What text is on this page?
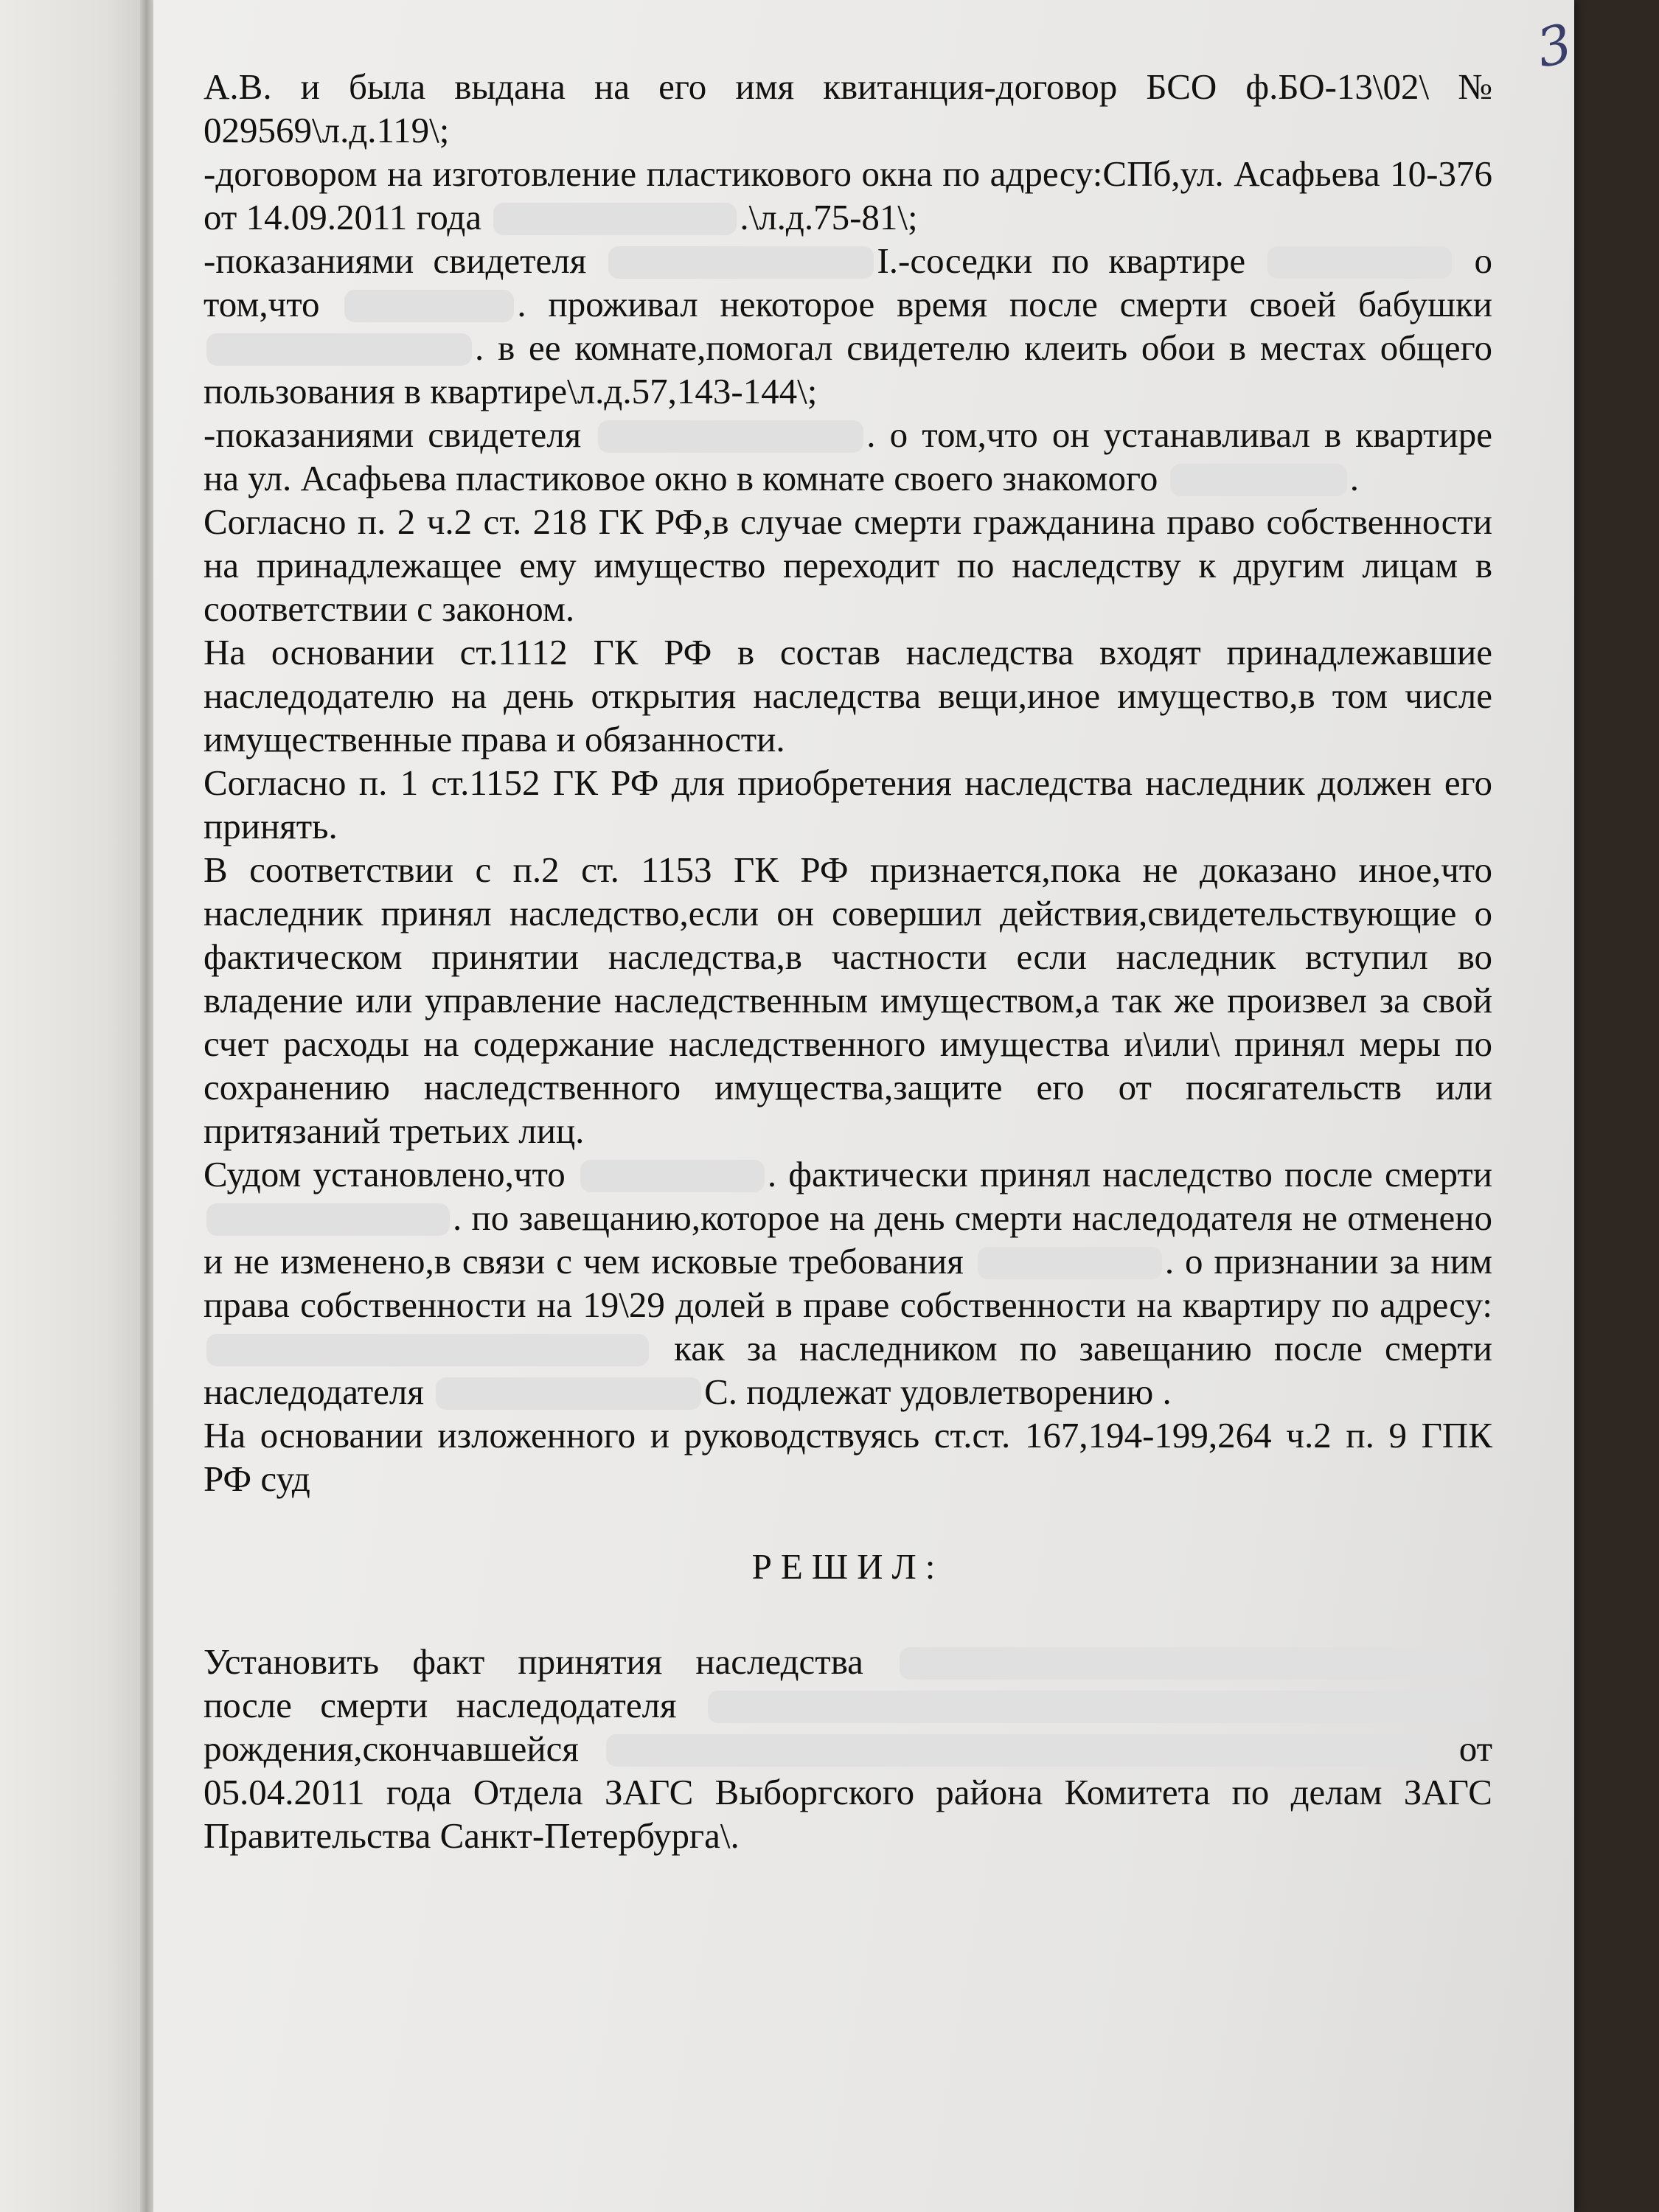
3

А.В. и была выдана на его имя квитанция-договор БСО ф.БО-13\02\ № 029569\л.д.119\;

-договором на изготовление пластикового окна по адресу:СПб,ул. Асафьева 10-376 от 14.09.2011 года	.\л.д.75-81\;

-показаниями свидетеля	I.-соседки по квартире	о том,что	. проживал некоторое время после смерти своей бабушки . в ее комнате,помогал свидетелю клеить обои в местах общего пользования в квартире\л.д.57,143-144\;

-показаниями свидетеля	. о том,что он устанавливал в квартире на ул. Асафьева пластиковое окно в комнате своего знакомого	.

Согласно п. 2 ч.2 ст. 218 ГК РФ,в случае смерти гражданина право собственности на принадлежащее ему имущество переходит по наследству к другим лицам в соответствии с законом.

На основании ст.1112 ГК РФ в состав наследства входят принадлежавшие наследодателю на день открытия наследства вещи,иное имущество,в том числе имущественные права и обязанности.

Согласно п. 1 ст.1152 ГК РФ для приобретения наследства наследник должен его принять.

В соответствии с п.2 ст. 1153 ГК РФ признается,пока не доказано иное,что наследник принял наследство,если он совершил действия,свидетельствующие о фактическом принятии наследства,в частности если наследник вступил во владение или управление наследственным имуществом,а так же произвел за свой счет расходы на содержание наследственного имущества и\или\ принял меры по сохранению наследственного имущества,защите его от посягательств или притязаний третьих лиц.

Судом установлено,что	. фактически принял наследство после смерти . по завещанию,которое на день смерти наследодателя не отменено и не изменено,в связи с чем исковые требования	. о признании за ним права собственности на 19\29 долей в праве собственности на квартиру по адресу:  как за наследником по завещанию после смерти наследодателя	С. подлежат удовлетворению .

На основании изложенного и руководствуясь ст.ст. 167,194-199,264 ч.2 п. 9 ГПК РФ суд

РЕШИЛ:

Установить факт принятия наследства  после смерти наследодателя  рождения,скончавшейся	от 05.04.2011 года Отдела ЗАГС Выборгского района Комитета по делам ЗАГС Правительства Санкт-Петербурга\.
